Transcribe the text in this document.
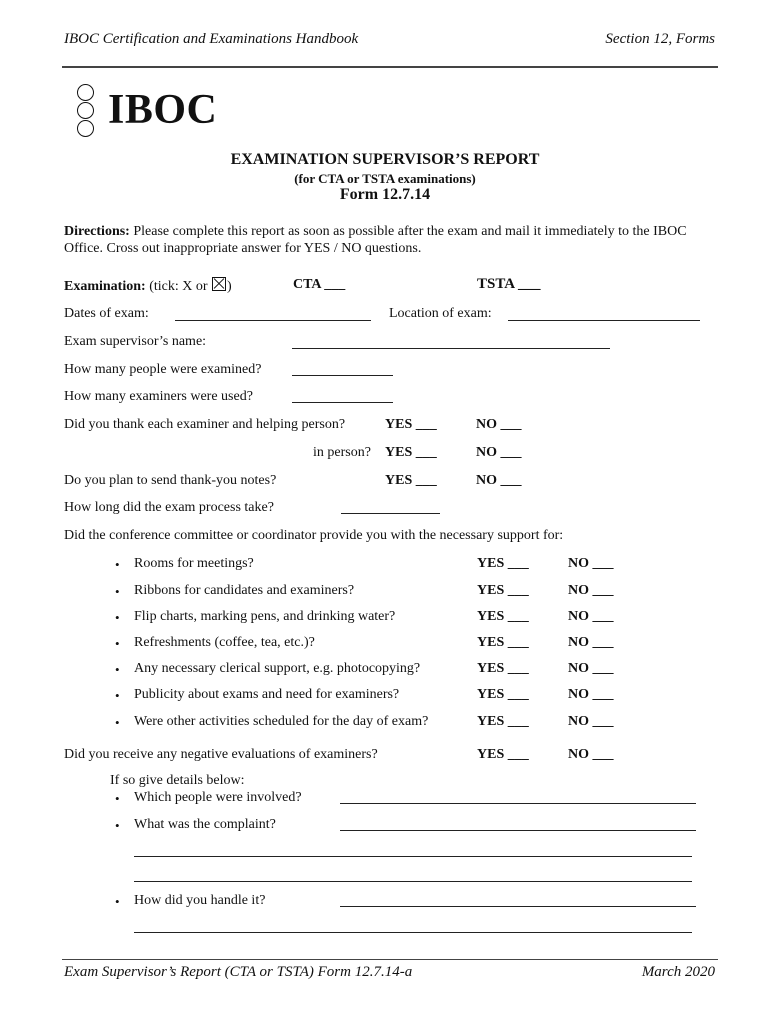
IBOC Certification and Examinations Handbook	Section 12, Forms
IBOC
EXAMINATION SUPERVISOR’S REPORT
(for CTA or TSTA examinations)
Form 12.7.14
Directions: Please complete this report as soon as possible after the exam and mail it immediately to the IBOC Office. Cross out inappropriate answer for YES / NO questions.
Examination: (tick: X or )	CTA ___	TSTA ___
Dates of exam:	Location of exam:
Exam supervisor’s name:
How many people were examined?
How many examiners were used?
Did you thank each examiner and helping person?	YES ___	NO ___
in person? YES ___	NO ___
Do you plan to send thank-you notes?	YES ___	NO ___
How long did the exam process take?
Did the conference committee or coordinator provide you with the necessary support for:
• Rooms for meetings?	YES ___	NO ___
• Ribbons for candidates and examiners?	YES ___	NO ___
• Flip charts, marking pens, and drinking water?	YES ___	NO ___
• Refreshments (coffee, tea, etc.)?	YES ___	NO ___
• Any necessary clerical support, e.g. photocopying?	YES ___	NO ___
• Publicity about exams and need for examiners?	YES ___	NO ___
• Were other activities scheduled for the day of exam?	YES ___	NO ___
Did you receive any negative evaluations of examiners?	YES ___	NO ___
If so give details below:
• Which people were involved?
• What was the complaint?
• How did you handle it?
Exam Supervisor’s Report (CTA or TSTA) Form 12.7.14-a	March 2020
